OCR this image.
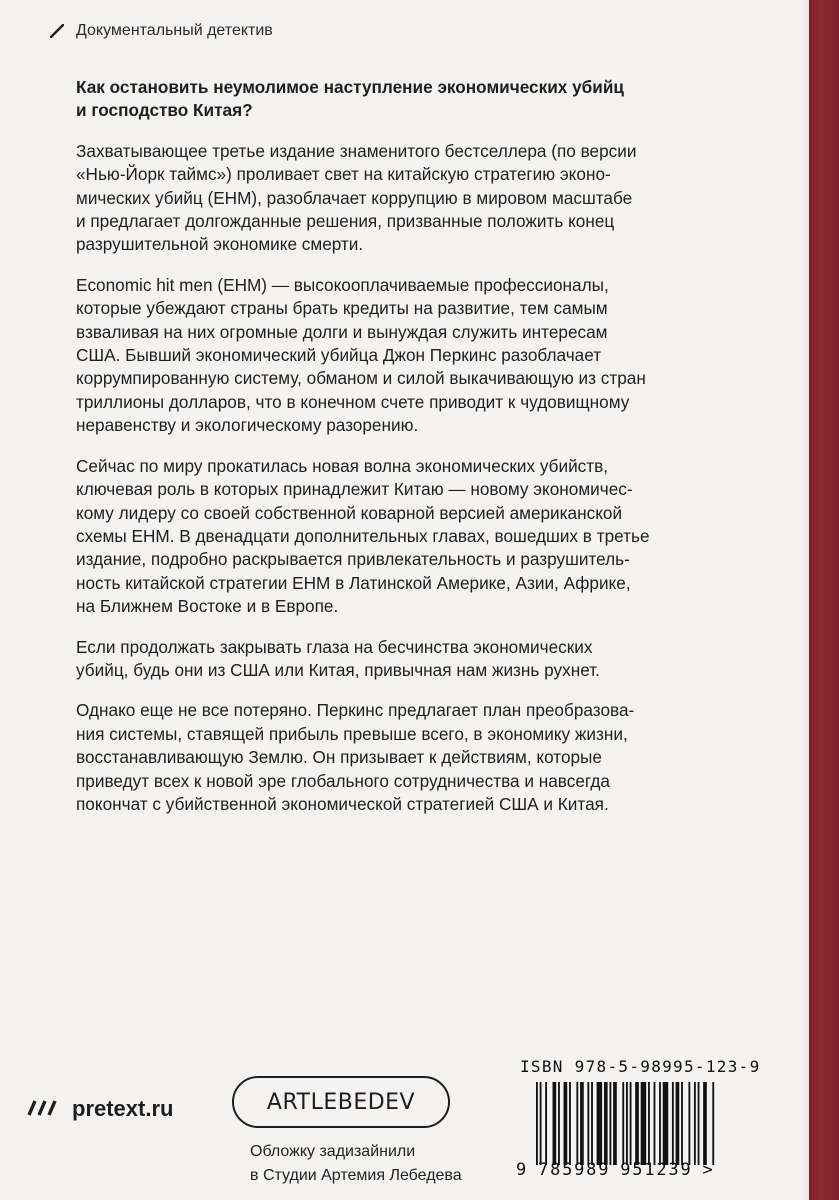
Документальный детектив

Как остановить неумолимое наступление экономических убийц
и господство Китая?

Захватывающее третье издание знаменитого бестселлера (по версии
«Нью-Йорк таймс») проливает свет на китайскую стратегию эконо-
мических убийц (ЕНМ), разоблачает коррупцию в мировом масштабе
и предлагает долгожданные решения, призванные положить конец
разрушительной экономике смерти.

Economic hit men (EHM) — высокооплачиваемые профессионалы,
которые убеждают страны брать кредиты на развитие, тем самым
взваливая на них огромные долги и вынуждая служить интересам
США. Бывший экономический убийца Джон Перкинс разоблачает
коррумпированную систему, обманом и силой выкачивающую из стран
триллионы долларов, что в конечном счете приводит к чудовищному
неравенству и экологическому разорению.

Сейчас по миру прокатилась новая волна экономических убийств,
ключевая роль в которых принадлежит Китаю — новому экономичес-
кому лидеру со своей собственной коварной версией американской
схемы ЕНМ. В двенадцати дополнительных главах, вошедших в третье
издание, подробно раскрывается привлекательность и разрушитель-
ность китайской стратегии ЕНМ в Латинской Америке, Азии, Африке,
на Ближнем Востоке и в Европе.

Если продолжать закрывать глаза на бесчинства экономических
убийц, будь они из США или Китая, привычная нам жизнь рухнет.

Однако еще не все потеряно. Перкинс предлагает план преобразова-
ния системы, ставящей прибыль превыше всего, в экономику жизни,
восстанавливающую Землю. Он призывает к действиям, которые
приведут всех к новой эре глобального сотрудничества и навсегда
покончат с убийственной экономической стратегией США и Китая.

pretext.ru	ARTLEBEDEV
Обложку задизайнили
в Студии Артемия Лебедева
ISBN 978-5-98995-123-9
9 785989 951239 >
